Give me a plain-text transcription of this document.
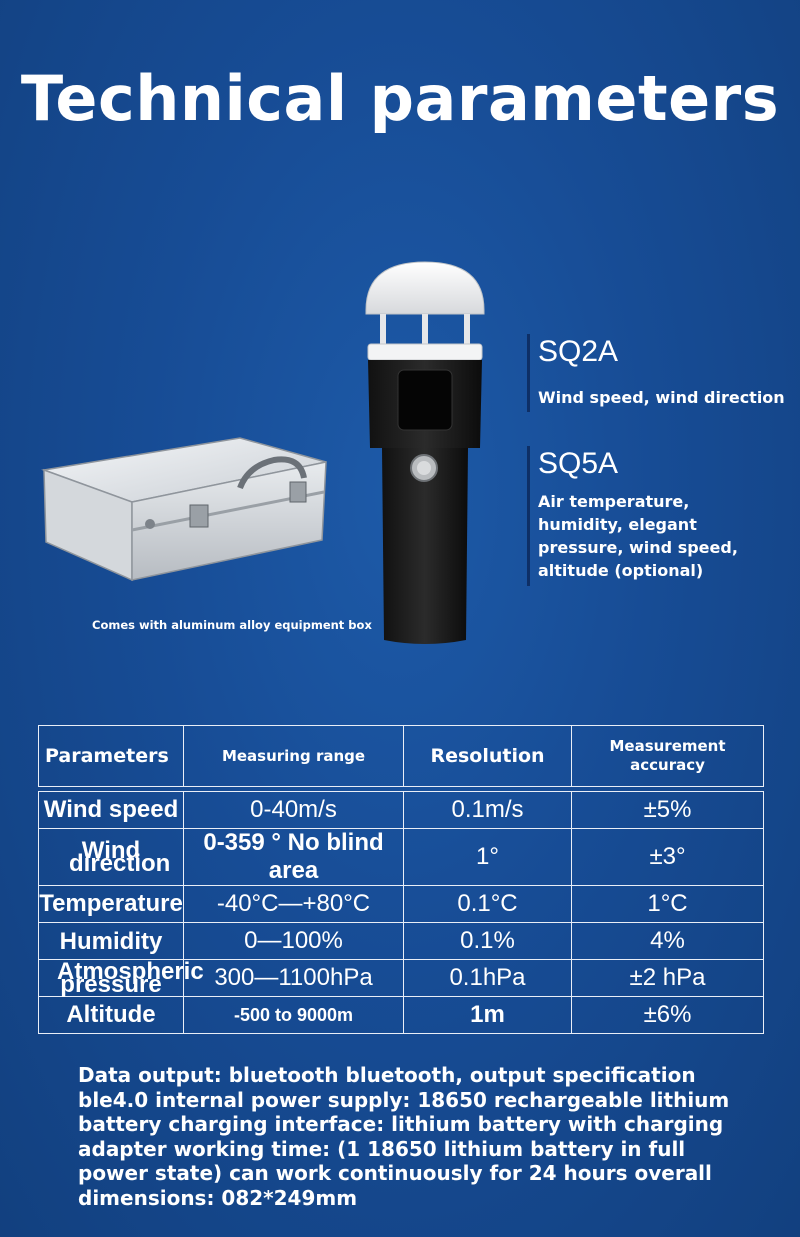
Technical parameters
Comes with aluminum alloy equipment box
SQ2A
Wind speed, wind direction
SQ5A
Air temperature, humidity, elegant pressure, wind speed, altitude (optional)
Parameters	Measuring range	Resolution	Measurement accuracy

Wind speed	0-40m/s	0.1m/s	±5%
Wind direction	0-359 ° No blind area	1°	±3°
Temperature	-40°C—+80°C	0.1°C	1°C
Humidity	0—100%	0.1%	4%
Atmospheric pressure	300—1100hPa	0.1hPa	±2 hPa
Altitude	-500 to 9000m	1m	±6%
Data output: bluetooth bluetooth, output specification ble4.0 internal power supply: 18650 rechargeable lithium battery charging interface: lithium battery with charging adapter working time: (1 18650 lithium battery in full power state) can work continuously for 24 hours overall dimensions: 082*249mm
